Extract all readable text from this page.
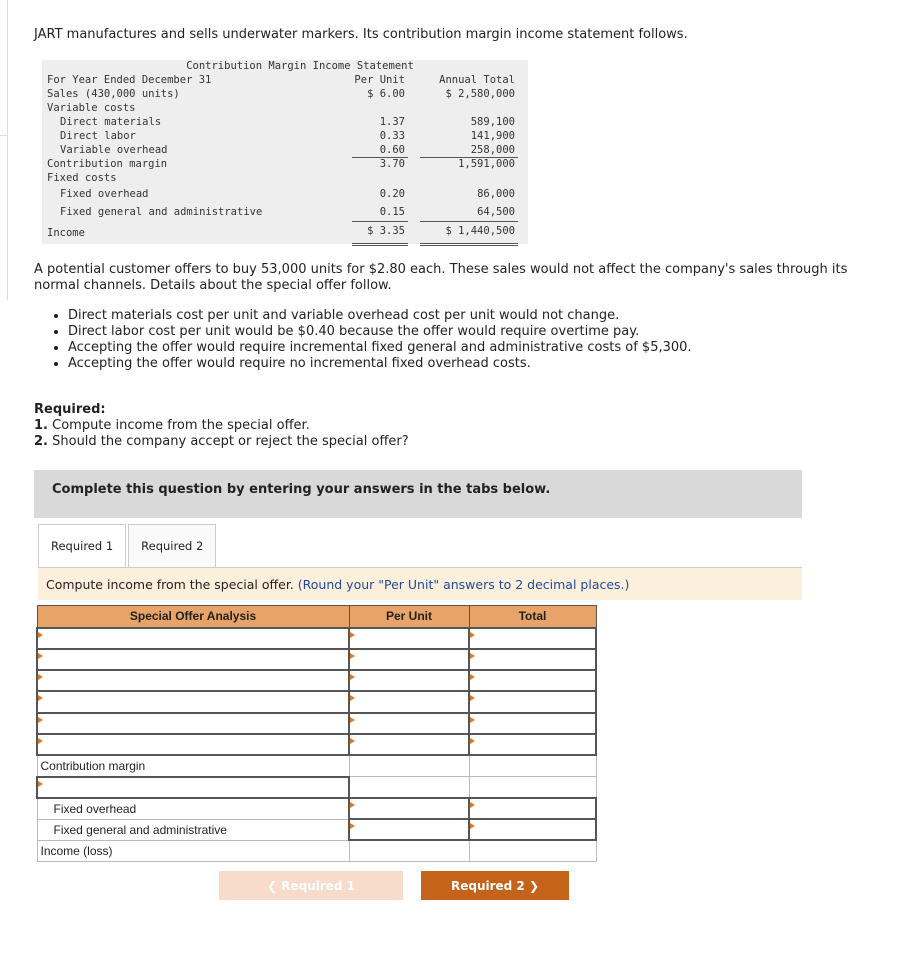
JART manufactures and sells underwater markers. Its contribution margin income statement follows.
Contribution Margin Income Statement
For Year Ended December 31	Per Unit	Annual Total
Sales (430,000 units)	$ 6.00	$ 2,580,000
Variable costs
Direct materials	1.37	589,100
Direct labor	0.33	141,900
Variable overhead	0.60	258,000
Contribution margin	3.70	1,591,000
Fixed costs
Fixed overhead	0.20	86,000
Fixed general and administrative	0.15	64,500
Income	$ 3.35	$ 1,440,500
A potential customer offers to buy 53,000 units for $2.80 each. These sales would not affect the company's sales through its normal channels. Details about the special offer follow.
• Direct materials cost per unit and variable overhead cost per unit would not change.
• Direct labor cost per unit would be $0.40 because the offer would require overtime pay.
• Accepting the offer would require incremental fixed general and administrative costs of $5,300.
• Accepting the offer would require no incremental fixed overhead costs.
Required:
1. Compute income from the special offer.
2. Should the company accept or reject the special offer?
Complete this question by entering your answers in the tabs below.
Required 1	Required 2
Compute income from the special offer. (Round your "Per Unit" answers to 2 decimal places.)
Special Offer Analysis	Per Unit	Total

Contribution margin		

Fixed overhead		
Fixed general and administrative		
Income (loss)		
❮ Required 1	Required 2 ❯
